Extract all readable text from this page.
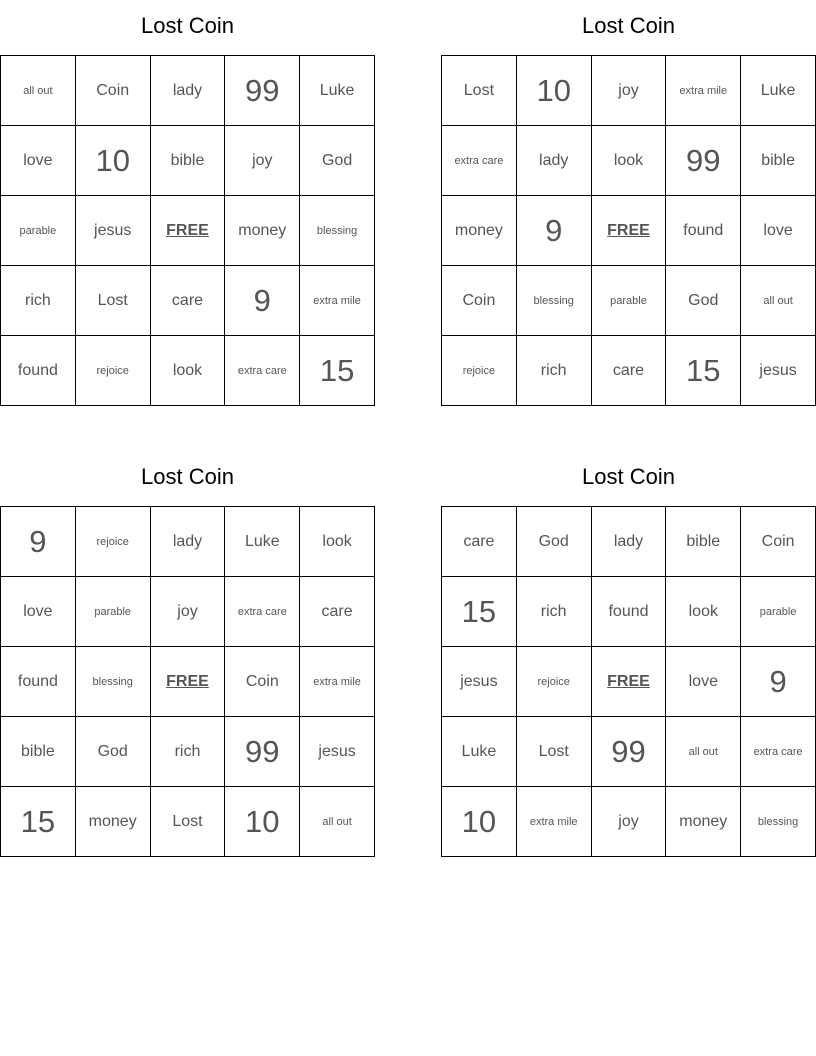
Lost Coin
all out	Coin	lady	99	Luke
love	10	bible	joy	God
parable	jesus	FREE	money	blessing
rich	Lost	care	9	extra mile
found	rejoice	look	extra care	15
Lost Coin
Lost	10	joy	extra mile	Luke
extra care	lady	look	99	bible
money	9	FREE	found	love
Coin	blessing	parable	God	all out
rejoice	rich	care	15	jesus
Lost Coin
9	rejoice	lady	Luke	look
love	parable	joy	extra care	care
found	blessing	FREE	Coin	extra mile
bible	God	rich	99	jesus
15	money	Lost	10	all out
Lost Coin
care	God	lady	bible	Coin
15	rich	found	look	parable
jesus	rejoice	FREE	love	9
Luke	Lost	99	all out	extra care
10	extra mile	joy	money	blessing
